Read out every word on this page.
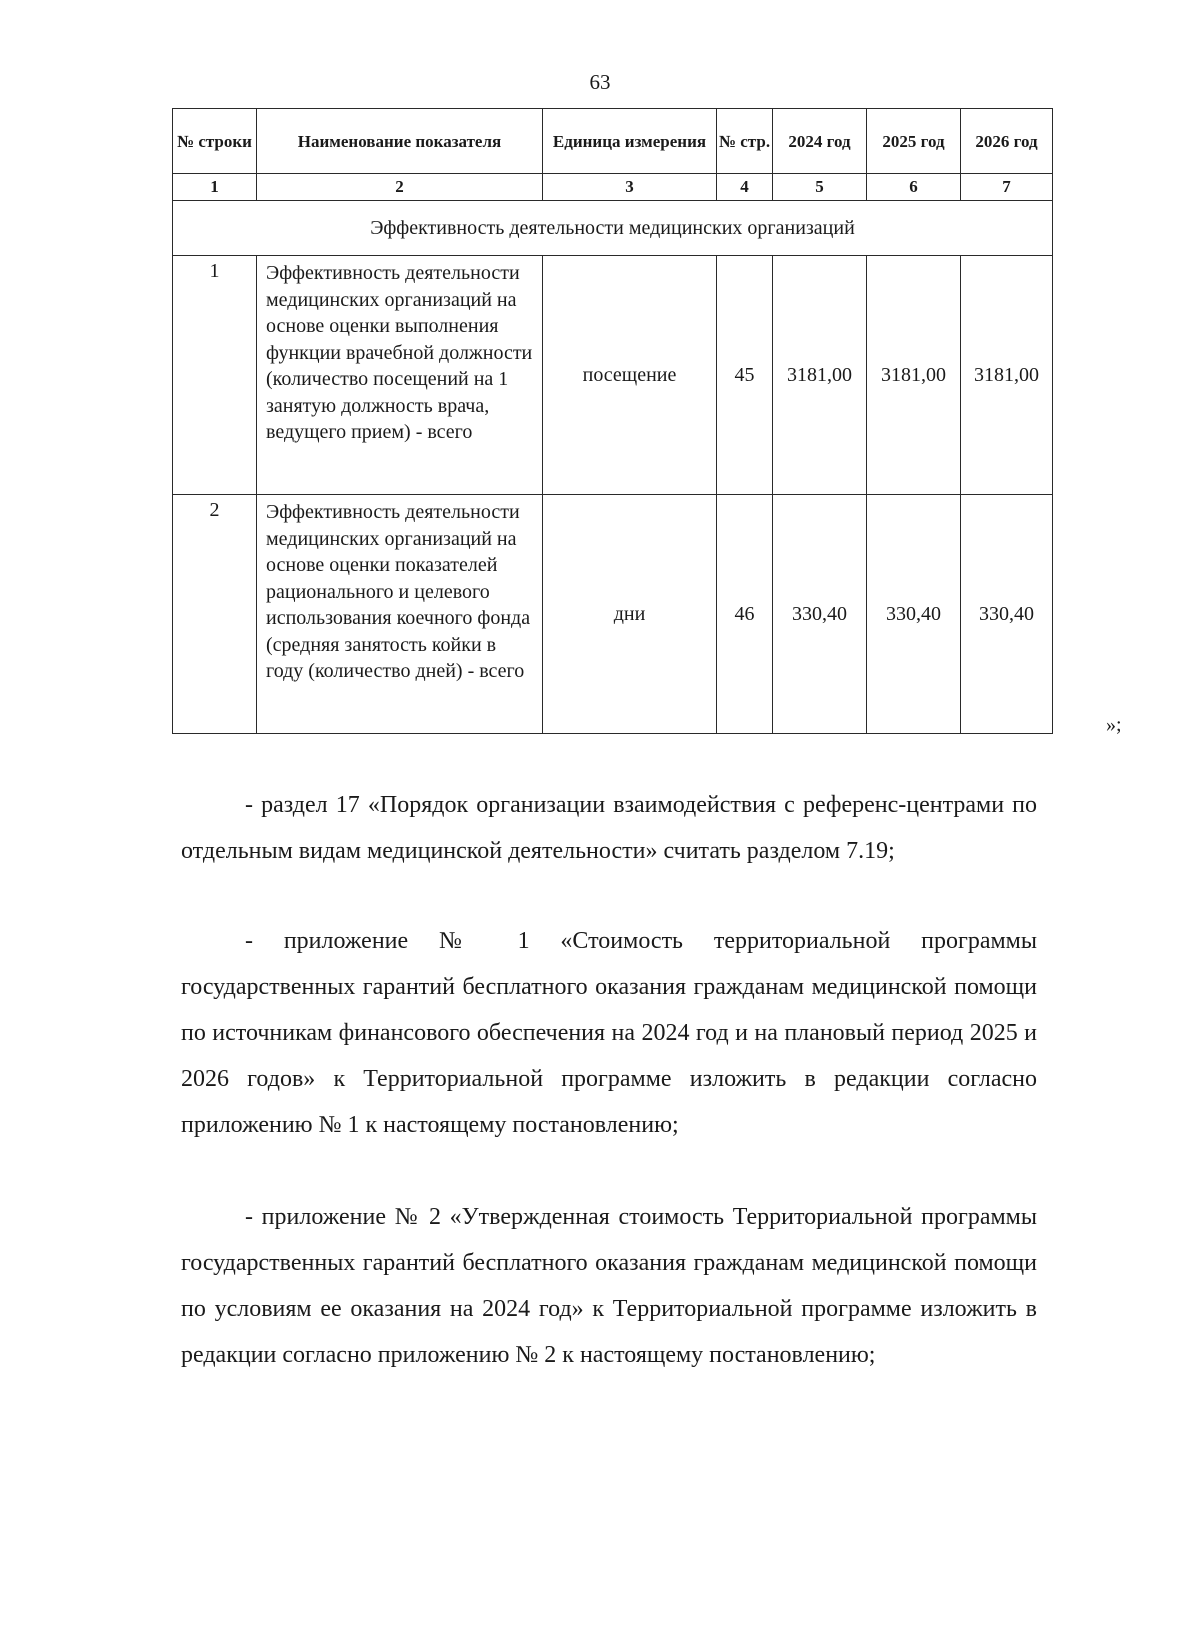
63
№ строки	Наименование показателя	Единица измерения	№ стр.	2024 год	2025 год	2026 год
1	2	3	4	5	6	7
Эффективность деятельности медицинских организаций						
1	Эффективность деятельности медицинских организаций на основе оценки выполнения функции врачебной должности (количество посещений на 1 занятую должность врача, ведущего прием) - всего	посещение	45	3181,00	3181,00	3181,00
2	Эффективность деятельности медицинских организаций на основе оценки показателей рационального и целевого использования коечного фонда (средняя занятость койки в году (количество дней) - всего	дни	46	330,40	330,40	330,40
»;

- раздел 17 «Порядок организации взаимодействия с референс-центрами по отдельным видам медицинской деятельности» считать разделом 7.19;

- приложение № 1 «Стоимость территориальной программы государственных гарантий бесплатного оказания гражданам медицинской помощи по источникам финансового обеспечения на 2024 год и на плановый период 2025 и 2026 годов» к Территориальной программе изложить в редакции согласно приложению № 1 к настоящему постановлению;

- приложение № 2 «Утвержденная стоимость Территориальной программы государственных гарантий бесплатного оказания гражданам медицинской помощи по условиям ее оказания на 2024 год» к Территориальной программе изложить в редакции согласно приложению № 2 к настоящему постановлению;
